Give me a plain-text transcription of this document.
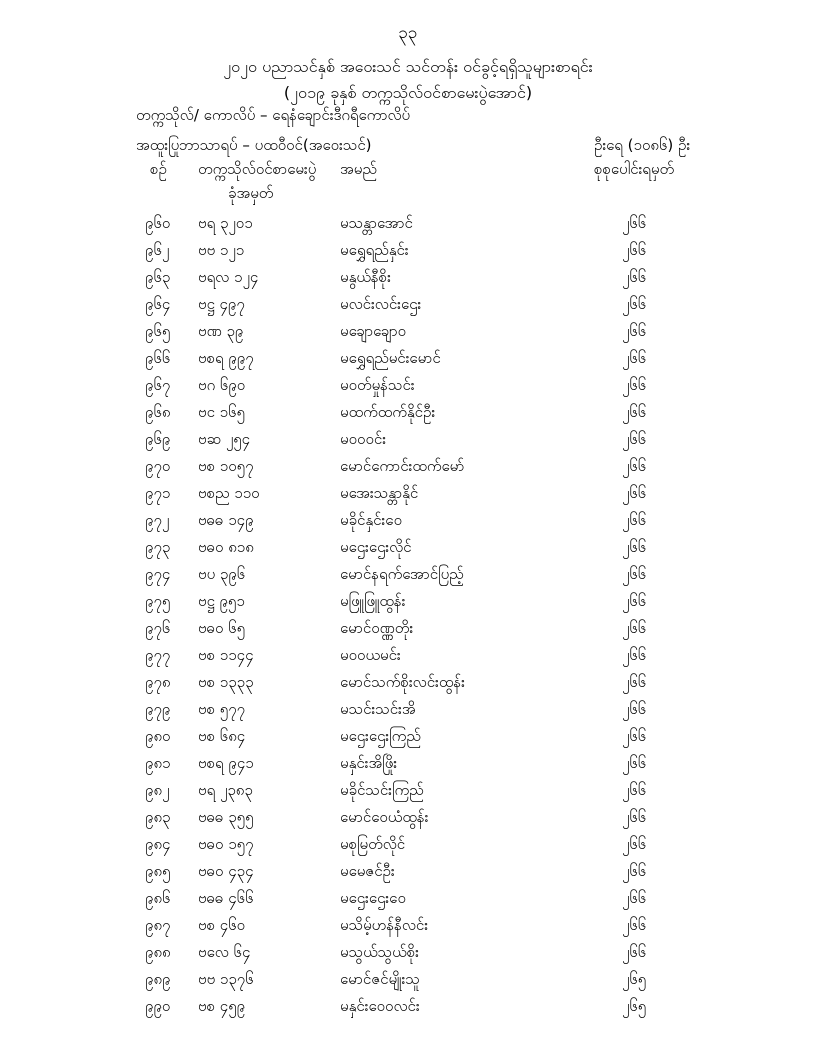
၃၃
၂၀၂၀ ပညာသင်နှစ် အဝေးသင် သင်တန်း ဝင်ခွင့်ရရှိသူများစာရင်း
(၂၀၁၉ ခုနှစ် တက္ကသိုလ်ဝင်စာမေးပွဲအောင်)
တက္ကသိုလ်/ ကောလိပ် – ရေနံချောင်းဒီဂရီကောလိပ်
အထူးပြုဘာသာရပ် – ပထဝီဝင်(အဝေးသင်)	ဦးရေ (၁၀၈၆) ဦး
စဉ် တက္ကသိုလ်ဝင်စာမေးပွဲ
ခုံအမှတ်
အမည်	စုစုပေါင်းရမှတ်
၉၆၀ ဗရ ၃၂၀၁	မသန္တာအောင်	၂၆၆
၉၆၂ ဗဗ ၁၂၁	မရွှေရည်နှင်း	၂၆၆
၉၆၃ ဗရလ ၁၂၄	မနွယ်နီစိုး	၂၆၆
၉၆၄ ဗဋ္ဌ ၄၉၇	မလင်းလင်းဌေး	၂၆၆
၉၆၅ ဗဏ ၃၉	မချောချော၀	၂၆၆
၉၆၆ ဗစရ ၉၉၇	မရွှေရည်မင်းမောင်	၂၆၆
၉၆၇ ဗဂ ၆၉၀	မ၀တ်မှုန်သင်း	၂၆၆
၉၆၈ ဗင ၁၆၅	မထက်ထက်နိုင်ဦး	၂၆၆
၉၆၉ ဗဆ ၂၅၄	မ၀၀၀င်း	၂၆၆
၉၇၀ ဗစ ၁၀၅၇	မောင်ကောင်းထက်မော်	၂၆၆
၉၇၁ ဗစည ၁၁၀	မအေးသန္တာနိုင်	၂၆၆
၉၇၂ ဗဓဓ ၁၄၉	မခိုင်နှင်း၀ေ	၂၆၆
၉၇၃ ဗဓ၀ ၈၁၈	မဌေးဌေးလိုင်	၂၆၆
၉၇၄ ဗပ ၃၉၆	မောင်နရက်အောင်ပြည့်	၂၆၆
၉၇၅ ဗဋ္ဌ ၉၅၁	မဖြူဖြူထွန်း	၂၆၆
၉၇၆ ဗဓ၀ ၆၅	မောင်ဝဏ္ဏတိုး	၂၆၆
၉၇၇ ဗစ ၁၁၄၄	မ၀၀ယမင်း	၂၆၆
၉၇၈ ဗစ ၁၃၃၃	မောင်သက်စိုးလင်းထွန်း	၂၆၆
၉၇၉ ဗစ ၅၇၇	မသင်းသင်းအိ	၂၆၆
၉၈၀ ဗစ ၆၈၄	မဌေးဌေးကြည်	၂၆၆
၉၈၁ ဗစရ ၉၄၁	မနှင်းအိဖြိုး	၂၆၆
၉၈၂ ဗရ ၂၃၈၃	မခိုင်သင်းကြည်	၂၆၆
၉၈၃ ဗဓဓ ၃၅၅	မောင်ဝေယံထွန်း	၂၆၆
၉၈၄ ဗဓ၀ ၁၅၇	မစုမြတ်လိုင်	၂၆၆
၉၈၅ ဗဓ၀ ၄၃၄	မမေဇင်ဦး	၂၆၆
၉၈၆ ဗဓဓ ၄၆၆	မဌေးဌေး၀ေ	၂၆၆
၉၈၇ ဗစ ၄၆၀	မသိမ့်ဟန်နီလင်း	၂၆၆
၉၈၈ ဗလေ ၆၄	မသွယ်သွယ်စိုး	၂၆၆
၉၈၉ ဗဗ ၁၃၇၆	မောင်ဇင်မျိုးသူ	၂၆၅
၉၉၀ ဗစ ၄၅၉	မနှင်းဝေ၀လင်း	၂၆၅
